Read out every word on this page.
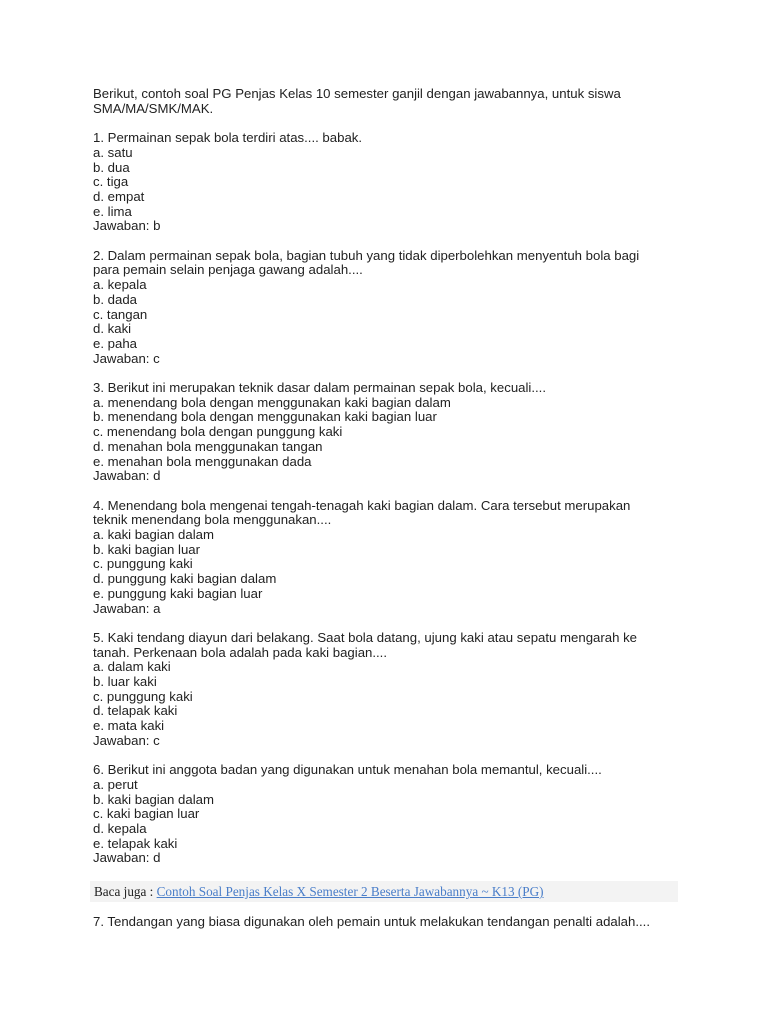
Berikut, contoh soal PG Penjas Kelas 10 semester ganjil dengan jawabannya, untuk siswa
SMA/MA/SMK/MAK.
1. Permainan sepak bola terdiri atas.... babak.
a. satu
b. dua
c. tiga
d. empat
e. lima
Jawaban: b
2. Dalam permainan sepak bola, bagian tubuh yang tidak diperbolehkan menyentuh bola bagi
para pemain selain penjaga gawang adalah....
a. kepala
b. dada
c. tangan
d. kaki
e. paha
Jawaban: c
3. Berikut ini merupakan teknik dasar dalam permainan sepak bola, kecuali....
a. menendang bola dengan menggunakan kaki bagian dalam
b. menendang bola dengan menggunakan kaki bagian luar
c. menendang bola dengan punggung kaki
d. menahan bola menggunakan tangan
e. menahan bola menggunakan dada
Jawaban: d
4. Menendang bola mengenai tengah-tenagah kaki bagian dalam. Cara tersebut merupakan
teknik menendang bola menggunakan....
a. kaki bagian dalam
b. kaki bagian luar
c. punggung kaki
d. punggung kaki bagian dalam
e. punggung kaki bagian luar
Jawaban: a
5. Kaki tendang diayun dari belakang. Saat bola datang, ujung kaki atau sepatu mengarah ke
tanah. Perkenaan bola adalah pada kaki bagian....
a. dalam kaki
b. luar kaki
c. punggung kaki
d. telapak kaki
e. mata kaki
Jawaban: c
6. Berikut ini anggota badan yang digunakan untuk menahan bola memantul, kecuali....
a. perut
b. kaki bagian dalam
c. kaki bagian luar
d. kepala
e. telapak kaki
Jawaban: d
Baca juga : Contoh Soal Penjas Kelas X Semester 2 Beserta Jawabannya ~ K13 (PG)
7. Tendangan yang biasa digunakan oleh pemain untuk melakukan tendangan penalti adalah....
